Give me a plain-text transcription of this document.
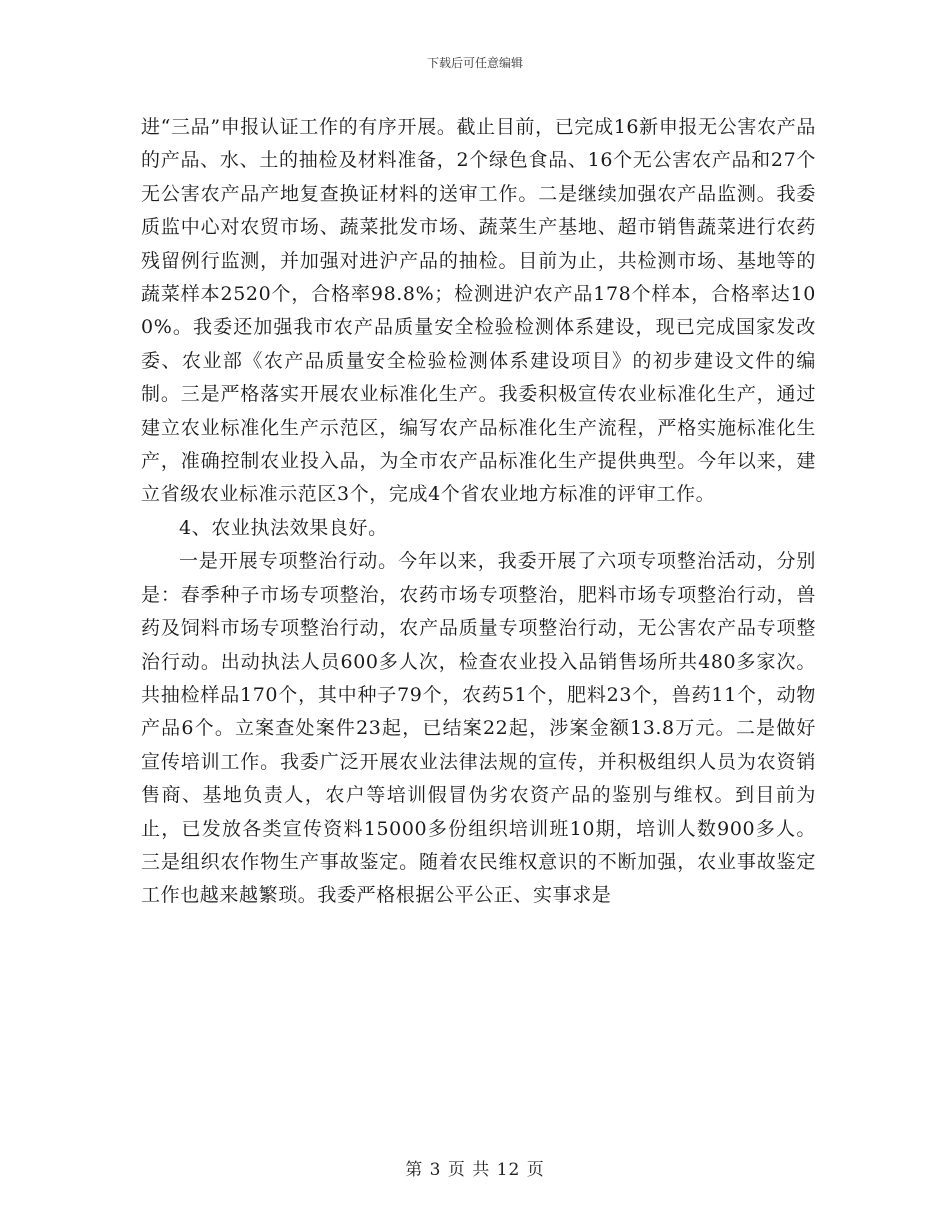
下载后可任意编辑

进“三品”申报认证工作的有序开展。截止目前，已完成16新申报无公害农产品的产品、水、土的抽检及材料准备，2个绿色食品、16个无公害农产品和27个无公害农产品产地复查换证材料的送审工作。二是继续加强农产品监测。我委质监中心对农贸市场、蔬菜批发市场、蔬菜生产基地、超市销售蔬菜进行农药残留例行监测，并加强对进沪产品的抽检。目前为止，共检测市场、基地等的蔬菜样本2520个，合格率98.8%；检测进沪农产品178个样本，合格率达100%。我委还加强我市农产品质量安全检验检测体系建设，现已完成国家发改委、农业部《农产品质量安全检验检测体系建设项目》的初步建设文件的编制。三是严格落实开展农业标准化生产。我委积极宣传农业标准化生产，通过建立农业标准化生产示范区，编写农产品标准化生产流程，严格实施标准化生产，准确控制农业投入品，为全市农产品标准化生产提供典型。今年以来，建立省级农业标准示范区3个，完成4个省农业地方标准的评审工作。

4、农业执法效果良好。

一是开展专项整治行动。今年以来，我委开展了六项专项整治活动，分别是：春季种子市场专项整治，农药市场专项整治，肥料市场专项整治行动，兽药及饲料市场专项整治行动，农产品质量专项整治行动，无公害农产品专项整治行动。出动执法人员600多人次，检查农业投入品销售场所共480多家次。共抽检样品170个，其中种子79个，农药51个，肥料23个，兽药11个，动物产品6个。立案查处案件23起，已结案22起，涉案金额13.8万元。二是做好宣传培训工作。我委广泛开展农业法律法规的宣传，并积极组织人员为农资销售商、基地负责人，农户等培训假冒伪劣农资产品的鉴别与维权。到目前为止，已发放各类宣传资料15000多份组织培训班10期，培训人数900多人。三是组织农作物生产事故鉴定。随着农民维权意识的不断加强，农业事故鉴定工作也越来越繁琐。我委严格根据公平公正、实事求是

第 3 页 共 12 页
